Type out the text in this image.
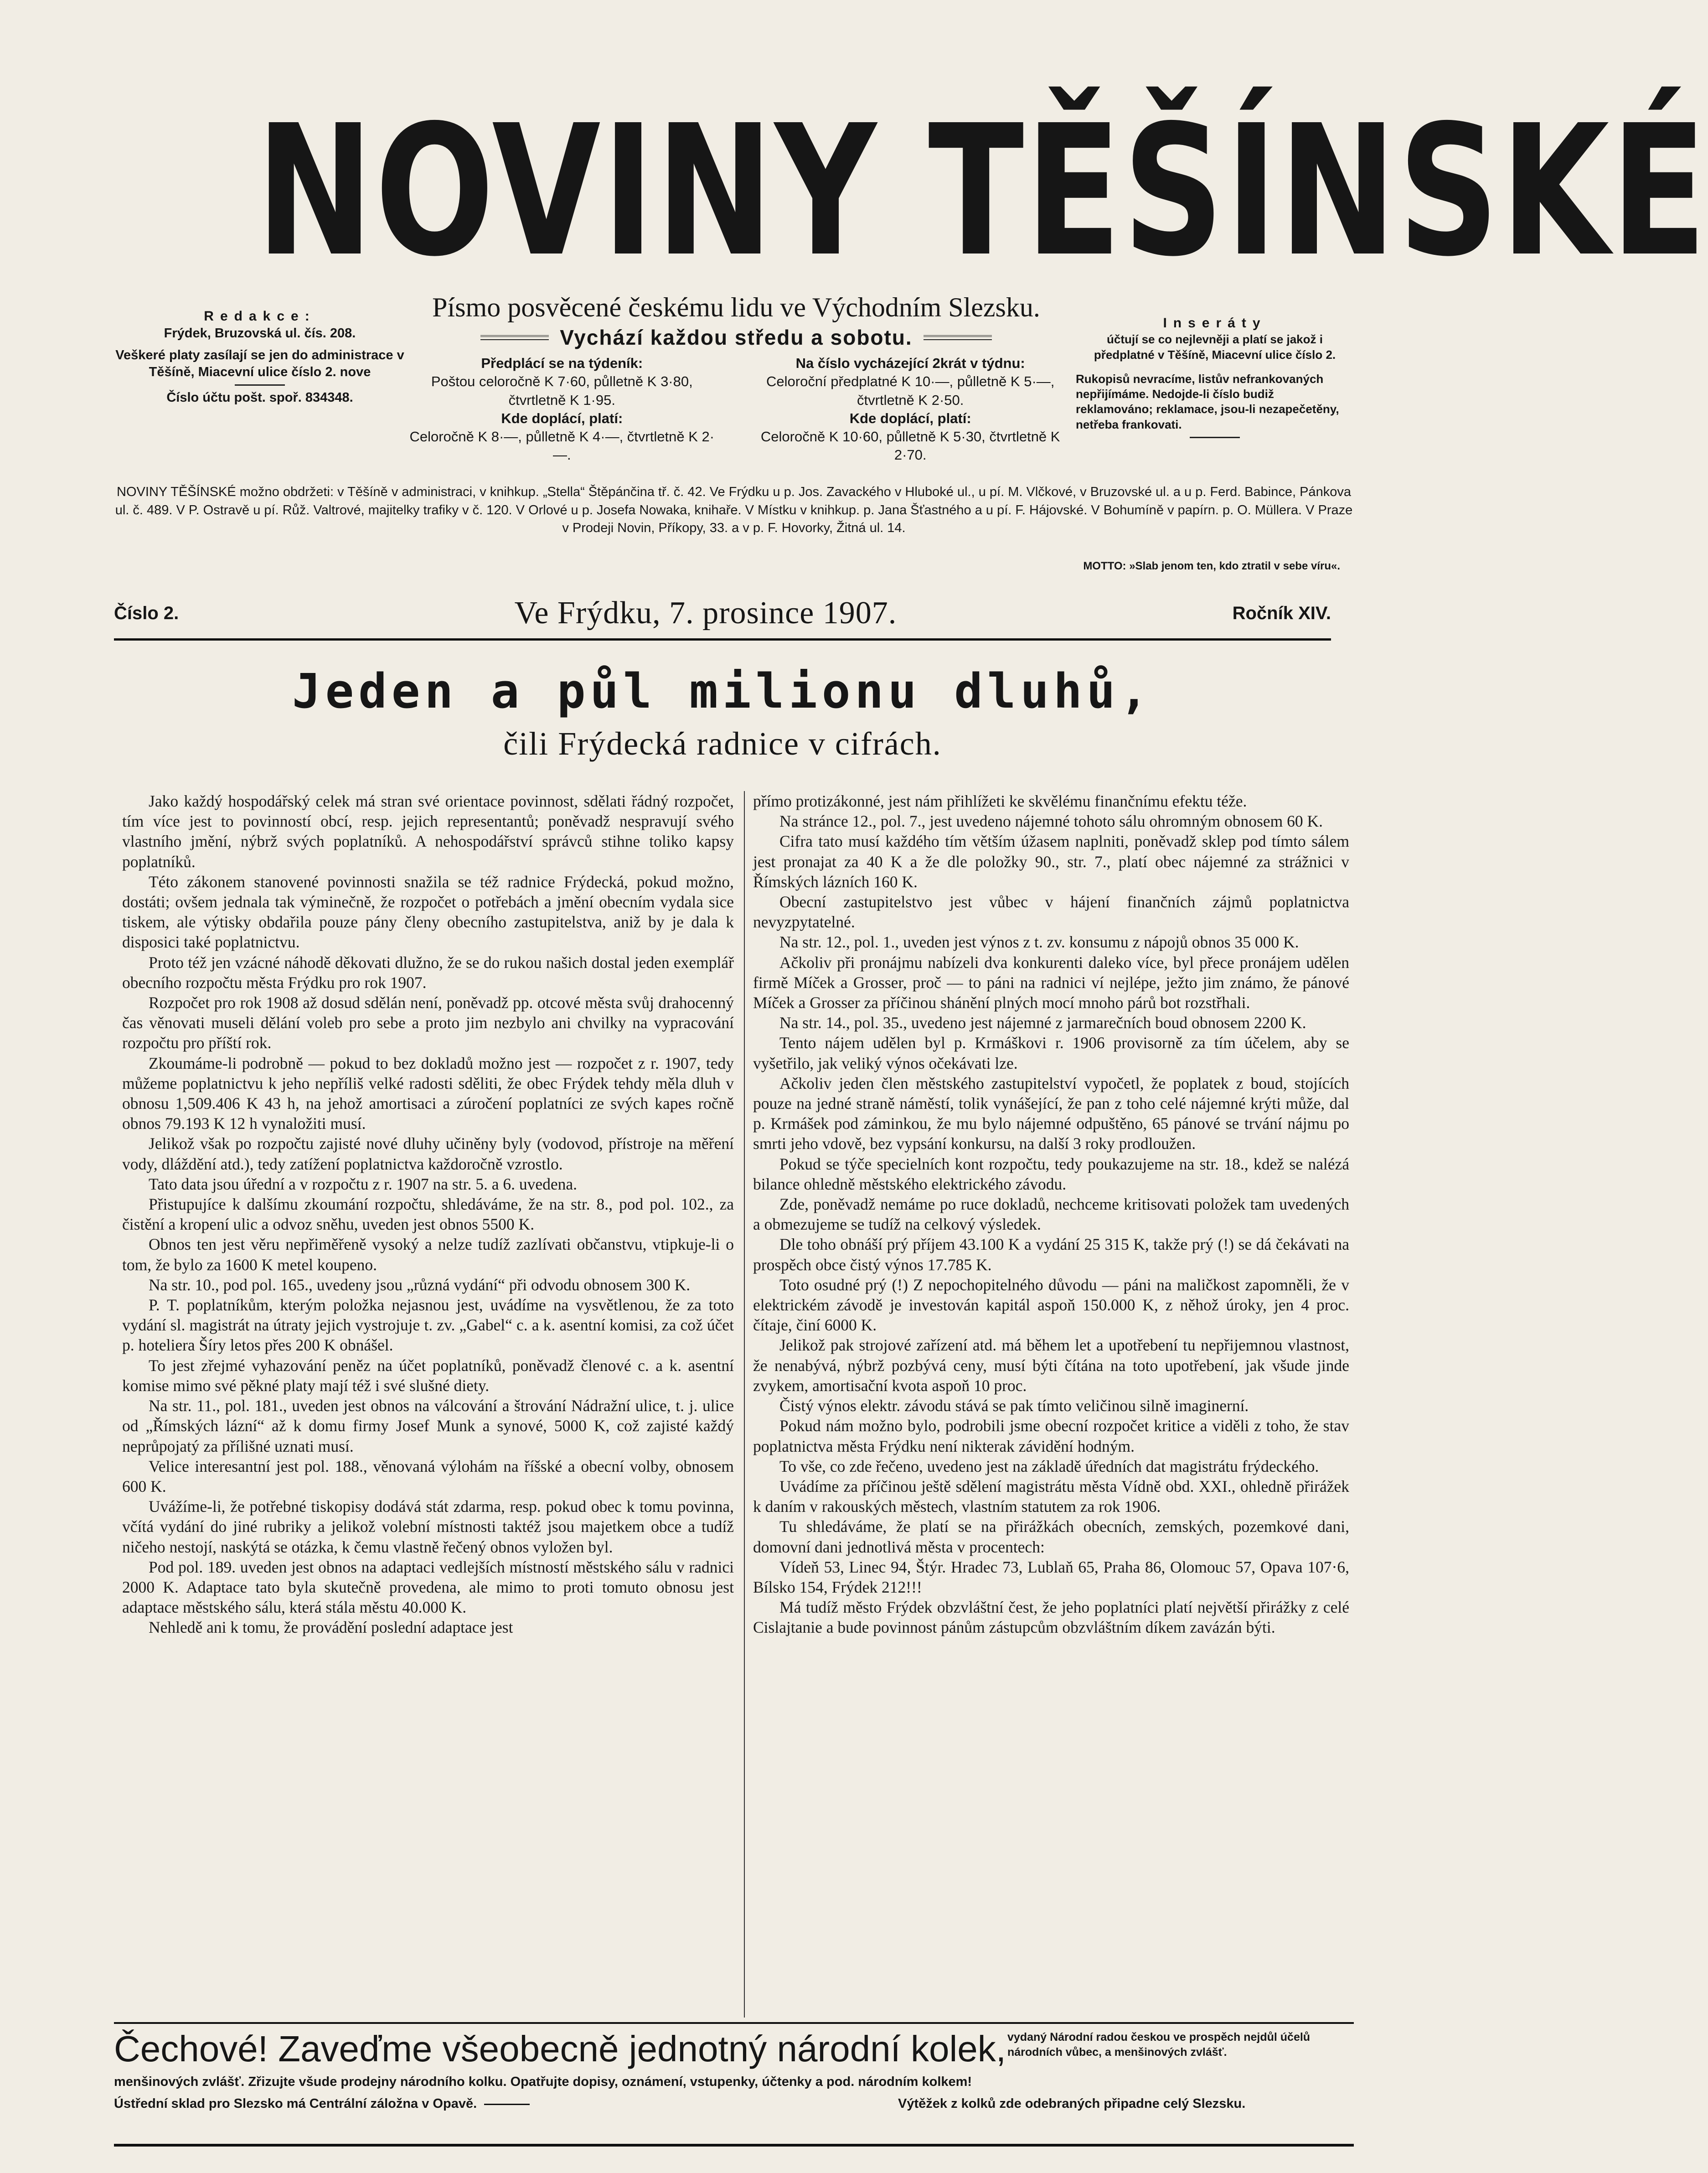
NOVINY TĚŠÍNSKÉ
Redakce:
Frýdek, Bruzovská ul. čís. 208.
Veškeré platy zasílají se jen do administrace v Těšíně, Miacevní ulice číslo 2. nove
Číslo účtu pošt. spoř. 834348.
Písmo posvěcené českému lidu ve Východním Slezsku.
Vychází každou středu a sobotu.
Předplácí se na týdeník:
Poštou celoročně K 7·60, půlletně K 3·80, čtvrtletně K 1·95.
Kde doplácí, platí:
Celoročně K 8·—, půlletně K 4·—, čtvrtletně K 2·—.
Na číslo vycházející 2krát v týdnu:
Celoroční předplatné K 10·—, půlletně K 5·—, čtvrtletně K 2·50.
Kde doplácí, platí:
Celoročně K 10·60, půlletně K 5·30, čtvrtletně K 2·70.
Inseráty
účtují se co nejlevněji a platí se jakož i předplatné v Těšíně, Miacevní ulice číslo 2.
Rukopisů nevracíme, listův nefrankovaných nepřijímáme. Nedojde-li číslo budiž reklamováno; reklamace, jsou-li nezapečetěny, netřeba frankovati.
NOVINY TĚŠÍNSKÉ možno obdržeti: v Těšíně v administraci, v knihkup. „Stella“ Štěpánčina tř. č. 42. Ve Frýdku u p. Jos. Zavackého v Hluboké ul., u pí. M. Vlčkové, v Bruzovské ul. a u p. Ferd. Babince, Pánkova ul. č. 489. V P. Ostravě u pí. Růž. Valtrové, majitelky trafiky v č. 120. V Orlové u p. Josefa Nowaka, knihaře. V Místku v knihkup. p. Jana Šťastného a u pí. F. Hájovské. V Bohumíně v papírn. p. O. Müllera. V Praze v Prodeji Novin, Příkopy, 33. a v p. F. Hovorky, Žitná ul. 14.
MOTTO: »Slab jenom ten, kdo ztratil v sebe víru«.
Číslo 2.	Ve Frýdku, 7. prosince 1907.	Ročník XIV.
Jeden a půl milionu dluhů,
čili Frýdecká radnice v cifrách.

Jako každý hospodářský celek má stran své orientace povinnost, sdělati řádný rozpočet, tím více jest to povinností obcí, resp. jejich representantů; poněvadž nespravují svého vlastního jmění, nýbrž svých poplatníků. A nehospodářství správců stihne toliko kapsy poplatníků.

Této zákonem stanovené povinnosti snažila se též radnice Frýdecká, pokud možno, dostáti; ovšem jednala tak výminečně, že rozpočet o potřebách a jmění obecním vydala sice tiskem, ale výtisky obdařila pouze pány členy obecního zastupitelstva, aniž by je dala k disposici také poplatnictvu.

Proto též jen vzácné náhodě děkovati dlužno, že se do rukou našich dostal jeden exemplář obecního rozpočtu města Frýdku pro rok 1907.

Rozpočet pro rok 1908 až dosud sdělán není, poněvadž pp. otcové města svůj drahocenný čas věnovati museli dělání voleb pro sebe a proto jim nezbylo ani chvilky na vypracování rozpočtu pro příští rok.

Zkoumáme-li podrobně — pokud to bez dokladů možno jest — rozpočet z r. 1907, tedy můžeme poplatnictvu k jeho nepříliš velké radosti sděliti, že obec Frýdek tehdy měla dluh v obnosu 1,509.406 K 43 h, na jehož amortisaci a zúročení poplatníci ze svých kapes ročně obnos 79.193 K 12 h vynaložiti musí.

Jelikož však po rozpočtu zajisté nové dluhy učiněny byly (vodovod, přístroje na měření vody, dláždění atd.), tedy zatížení poplatnictva každoročně vzrostlo.

Tato data jsou úřední a v rozpočtu z r. 1907 na str. 5. a 6. uvedena.

Přistupujíce k dalšímu zkoumání rozpočtu, shledáváme, že na str. 8., pod pol. 102., za čistění a kropení ulic a odvoz sněhu, uveden jest obnos 5500 K.

Obnos ten jest věru nepřiměřeně vysoký a nelze tudíž zazlívati občanstvu, vtipkuje-li o tom, že bylo za 1600 K metel koupeno.

Na str. 10., pod pol. 165., uvedeny jsou „různá vydání“ při odvodu obnosem 300 K.

P. T. poplatníkům, kterým položka nejasnou jest, uvádíme na vysvětlenou, že za toto vydání sl. magistrát na útraty jejich vystrojuje t. zv. „Gabel“ c. a k. asentní komisi, za což účet p. hoteliera Šíry letos přes 200 K obnášel.

To jest zřejmé vyhazování peněz na účet poplatníků, poněvadž členové c. a k. asentní komise mimo své pěkné platy mají též i své slušné diety.

Na str. 11., pol. 181., uveden jest obnos na válcování a štrování Nádražní ulice, t. j. ulice od „Římských lázní“ až k domu firmy Josef Munk a synové, 5000 K, což zajisté každý neprůpojatý za přílišné uznati musí.

Velice interesantní jest pol. 188., věnovaná výlohám na říšské a obecní volby, obnosem 600 K.

Uvážíme-li, že potřebné tiskopisy dodává stát zdarma, resp. pokud obec k tomu povinna, včítá vydání do jiné rubriky a jelikož volební místnosti taktéž jsou majetkem obce a tudíž ničeho nestojí, naskýtá se otázka, k čemu vlastně řečený obnos vyložen byl.

Pod pol. 189. uveden jest obnos na adaptaci vedlejších místností městského sálu v radnici 2000 K. Adaptace tato byla skutečně provedena, ale mimo to proti tomuto obnosu jest adaptace městského sálu, která stála městu 40.000 K.

Nehledě ani k tomu, že provádění poslední adaptace jest

přímo protizákonné, jest nám přihlížeti ke skvělému finančnímu efektu téže.

Na stránce 12., pol. 7., jest uvedeno nájemné tohoto sálu ohromným obnosem 60 K.

Cifra tato musí každého tím větším úžasem naplniti, poněvadž sklep pod tímto sálem jest pronajat za 40 K a že dle položky 90., str. 7., platí obec nájemné za strážnici v Římských lázních 160 K.

Obecní zastupitelstvo jest vůbec v hájení finančních zájmů poplatnictva nevyzpytatelné.

Na str. 12., pol. 1., uveden jest výnos z t. zv. konsumu z nápojů obnos 35 000 K.

Ačkoliv při pronájmu nabízeli dva konkurenti daleko více, byl přece pronájem udělen firmě Míček a Grosser, proč — to páni na radnici ví nejlépe, ježto jim známo, že pánové Míček a Grosser za příčinou shánění plných mocí mnoho párů bot rozstřhali.

Na str. 14., pol. 35., uvedeno jest nájemné z jarmarečních boud obnosem 2200 K.

Tento nájem udělen byl p. Krmáškovi r. 1906 provisorně za tím účelem, aby se vyšetřilo, jak veliký výnos očekávati lze.

Ačkoliv jeden člen městského zastupitelství vypočetl, že poplatek z boud, stojících pouze na jedné straně náměstí, tolik vynášející, že pan z toho celé nájemné krýti může, dal p. Krmášek pod záminkou, že mu bylo nájemné odpuštěno, 65 pánové se trvání nájmu po smrti jeho vdově, bez vypsání konkursu, na další 3 roky prodloužen.

Pokud se týče specielních kont rozpočtu, tedy poukazujeme na str. 18., kdež se nalézá bilance ohledně městského elektrického závodu.

Zde, poněvadž nemáme po ruce dokladů, nechceme kritisovati položek tam uvedených a obmezujeme se tudíž na celkový výsledek.

Dle toho obnáší prý příjem 43.100 K a vydání 25 315 K, takže prý (!) se dá čekávati na prospěch obce čistý výnos 17.785 K.

Toto osudné prý (!) Z nepochopitelného důvodu — páni na maličkost zapomněli, že v elektrickém závodě je investován kapitál aspoň 150.000 K, z něhož úroky, jen 4 proc. čítaje, činí 6000 K.

Jelikož pak strojové zařízení atd. má během let a upotřebení tu nepřijemnou vlastnost, že nenabývá, nýbrž pozbývá ceny, musí býti čítána na toto upotřebení, jak všude jinde zvykem, amortisační kvota aspoň 10 proc.

Čistý výnos elektr. závodu stává se pak tímto veličinou silně imaginerní.

Pokud nám možno bylo, podrobili jsme obecní rozpočet kritice a viděli z toho, že stav poplatnictva města Frýdku není nikterak závidění hodným.

To vše, co zde řečeno, uvedeno jest na základě úředních dat magistrátu frýdeckého.

Uvádíme za příčinou ještě sdělení magistrátu města Vídně obd. XXI., ohledně přirážek k daním v rakouských městech, vlastním statutem za rok 1906.

Tu shledáváme, že platí se na přirážkách obecních, zemských, pozemkové dani, domovní dani jednotlivá města v procentech:

Vídeň 53, Linec 94, Štýr. Hradec 73, Lublaň 65, Praha 86, Olomouc 57, Opava 107·6, Bílsko 154, Frýdek 212!!!

Má tudíž město Frýdek obzvláštní čest, že jeho poplatníci platí největší přirážky z celé Cislajtanie a bude povinnost pánům zástupcům obzvláštním díkem zavázán býti.

Čechové! Zaveďme všeobecně jednotný národní kolek, vydaný Národní radou českou ve prospěch nejdůl účelů národních vůbec, a menšinových zvlášť.
menšinových zvlášť. Zřizujte všude prodejny národního kolku. Opatřujte dopisy, oznámení, vstupenky, účtenky a pod. národním kolkem!
Ústřední sklad pro Slezsko má Centrální záložna v Opavě.	Výtěžek z kolků zde odebraných připadne celý Slezsku.
